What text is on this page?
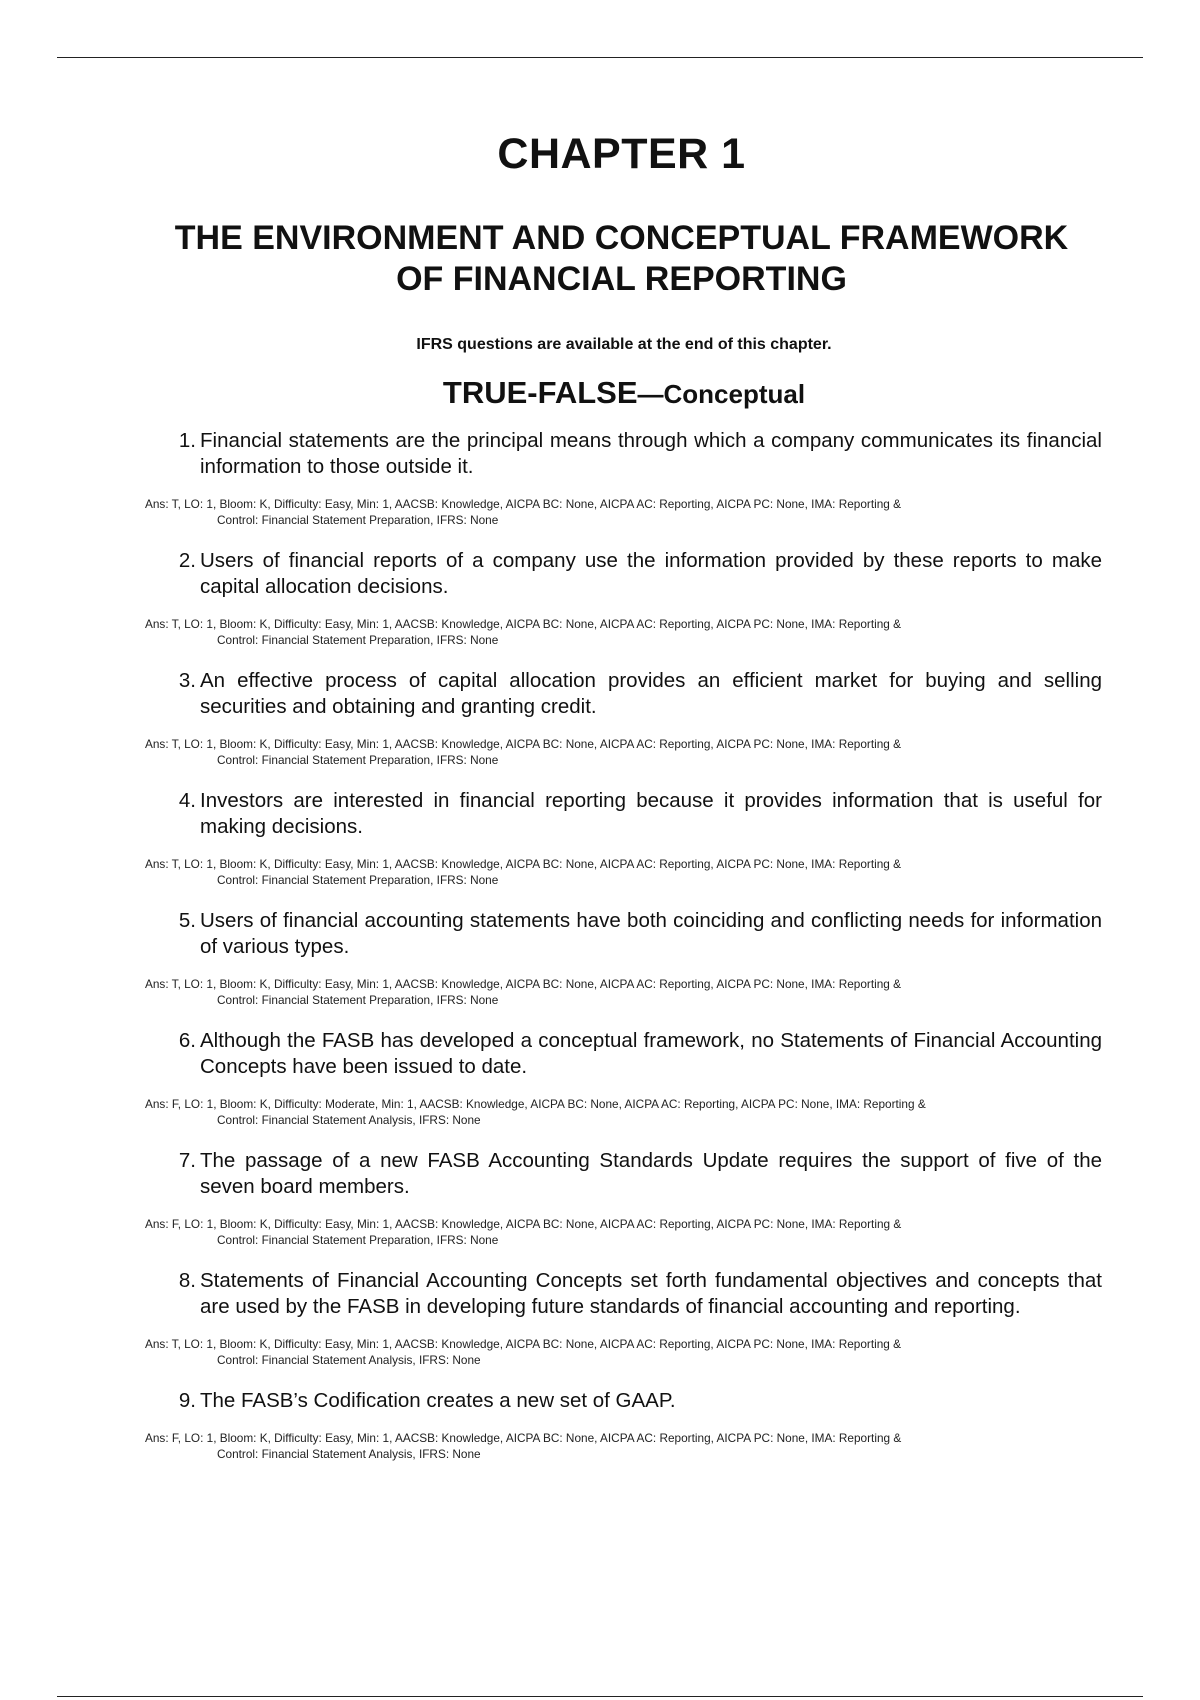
CHAPTER 1
THE ENVIRONMENT AND CONCEPTUAL FRAMEWORK
OF FINANCIAL REPORTING

IFRS questions are available at the end of this chapter.

TRUE-FALSE—Conceptual
1. Financial statements are the principal means through which a company communicates its financial information to those outside it.
Ans: T, LO: 1, Bloom: K, Difficulty: Easy, Min: 1, AACSB: Knowledge, AICPA BC: None, AICPA AC: Reporting, AICPA PC: None, IMA: Reporting &
Control: Financial Statement Preparation, IFRS: None
2. Users of financial reports of a company use the information provided by these reports to make capital allocation decisions.
Ans: T, LO: 1, Bloom: K, Difficulty: Easy, Min: 1, AACSB: Knowledge, AICPA BC: None, AICPA AC: Reporting, AICPA PC: None, IMA: Reporting &
Control: Financial Statement Preparation, IFRS: None
3. An effective process of capital allocation provides an efficient market for buying and selling securities and obtaining and granting credit.
Ans: T, LO: 1, Bloom: K, Difficulty: Easy, Min: 1, AACSB: Knowledge, AICPA BC: None, AICPA AC: Reporting, AICPA PC: None, IMA: Reporting &
Control: Financial Statement Preparation, IFRS: None
4. Investors are interested in financial reporting because it provides information that is useful for making decisions.
Ans: T, LO: 1, Bloom: K, Difficulty: Easy, Min: 1, AACSB: Knowledge, AICPA BC: None, AICPA AC: Reporting, AICPA PC: None, IMA: Reporting &
Control: Financial Statement Preparation, IFRS: None
5. Users of financial accounting statements have both coinciding and conflicting needs for information of various types.
Ans: T, LO: 1, Bloom: K, Difficulty: Easy, Min: 1, AACSB: Knowledge, AICPA BC: None, AICPA AC: Reporting, AICPA PC: None, IMA: Reporting &
Control: Financial Statement Preparation, IFRS: None
6. Although the FASB has developed a conceptual framework, no Statements of Financial Accounting Concepts have been issued to date.
Ans: F, LO: 1, Bloom: K, Difficulty: Moderate, Min: 1, AACSB: Knowledge, AICPA BC: None, AICPA AC: Reporting, AICPA PC: None, IMA: Reporting &
Control: Financial Statement Analysis, IFRS: None
7. The passage of a new FASB Accounting Standards Update requires the support of five of the seven board members.
Ans: F, LO: 1, Bloom: K, Difficulty: Easy, Min: 1, AACSB: Knowledge, AICPA BC: None, AICPA AC: Reporting, AICPA PC: None, IMA: Reporting &
Control: Financial Statement Preparation, IFRS: None
8. Statements of Financial Accounting Concepts set forth fundamental objectives and concepts that are used by the FASB in developing future standards of financial accounting and reporting.
Ans: T, LO: 1, Bloom: K, Difficulty: Easy, Min: 1, AACSB: Knowledge, AICPA BC: None, AICPA AC: Reporting, AICPA PC: None, IMA: Reporting &
Control: Financial Statement Analysis, IFRS: None
9. The FASB’s Codification creates a new set of GAAP.
Ans: F, LO: 1, Bloom: K, Difficulty: Easy, Min: 1, AACSB: Knowledge, AICPA BC: None, AICPA AC: Reporting, AICPA PC: None, IMA: Reporting &
Control: Financial Statement Analysis, IFRS: None
